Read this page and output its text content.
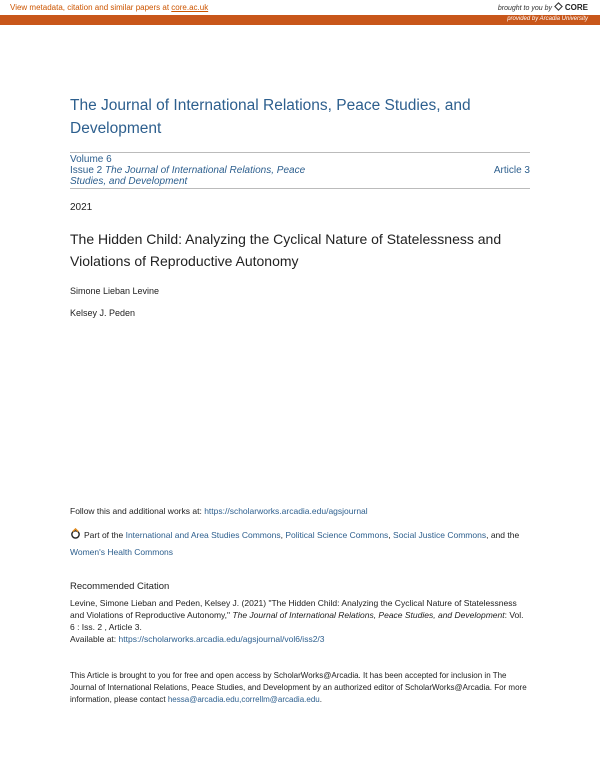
View metadata, citation and similar papers at core.ac.uk	brought to you by CORE
provided by Arcadia University
The Journal of International Relations, Peace Studies, and Development
Volume 6
Issue 2 The Journal of International Relations, Peace Studies, and Development
Article 3
2021
The Hidden Child: Analyzing the Cyclical Nature of Statelessness and Violations of Reproductive Autonomy
Simone Lieban Levine
Kelsey J. Peden
Follow this and additional works at: https://scholarworks.arcadia.edu/agsjournal
Part of the International and Area Studies Commons, Political Science Commons, Social Justice Commons, and the Women's Health Commons
Recommended Citation
Levine, Simone Lieban and Peden, Kelsey J. (2021) "The Hidden Child: Analyzing the Cyclical Nature of Statelessness and Violations of Reproductive Autonomy," The Journal of International Relations, Peace Studies, and Development: Vol. 6 : Iss. 2 , Article 3.
Available at: https://scholarworks.arcadia.edu/agsjournal/vol6/iss2/3
This Article is brought to you for free and open access by ScholarWorks@Arcadia. It has been accepted for inclusion in The Journal of International Relations, Peace Studies, and Development by an authorized editor of ScholarWorks@Arcadia. For more information, please contact hessa@arcadia.edu,correllm@arcadia.edu.
